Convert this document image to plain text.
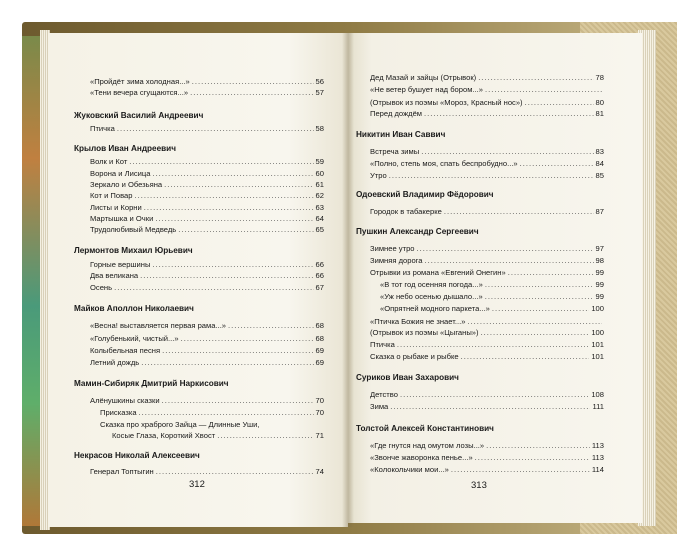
«Пройдёт зима холодная...» .....	56
«Тени вечера сгущаются...» .....	57
Жуковский Василий Андреевич
Птичка .....	58
Крылов Иван Андреевич
Волк и Кот .....	59
Ворона и Лисица .....	60
Зеркало и Обезьяна .....	61
Кот и Повар .....	62
Листы и Корни .....	63
Мартышка и Очки .....	64
Трудолюбивый Медведь .....	65
Лермонтов Михаил Юрьевич
Горные вершины .....	66
Два великана .....	66
Осень .....	67
Майков Аполлон Николаевич
«Весна! выставляется первая рама...» .....	68
«Голубенький, чистый...» .....	68
Колыбельная песня .....	69
Летний дождь .....	69
Мамин-Сибиряк Дмитрий Наркисович
Алёнушкины сказки .....	70
Присказка .....	70
Сказка про храброго Зайца — Длинные Уши,
Косые Глаза, Короткий Хвост .....	71
Некрасов Николай Алексеевич
Генерал Топтыгин .....	74
312
Дед Мазай и зайцы (Отрывок) .....	78
«Не ветер бушует над бором...»
.....
(Отрывок из поэмы «Мороз, Красный нос») .....	80
Перед дождём .....	81
Никитин Иван Саввич
Встреча зимы .....	83
«Полно, степь моя, спать беспробудно...» .....	84
Утро .....	85
Одоевский Владимир Фёдорович
Городок в табакерке .....	87
Пушкин Александр Сергеевич
Зимнее утро .....	97
Зимняя дорога .....	98
Отрывки из романа «Евгений Онегин» .....	99
«В тот год осенняя погода...» .....	99
«Уж небо осенью дышало...» .....	99
«Опрятней модного паркета...» .....	100
«Птичка Божия не знает...»
.....
(Отрывок из поэмы «Цыганы») .....	100
Птичка .....	101
Сказка о рыбаке и рыбке .....	101
Суриков Иван Захарович
Детство .....	108
Зима .....	111
Толстой Алексей Константинович
«Где гнутся над омутом лозы...» .....	113
«Звонче жаворонка пенье...» .....	113
«Колокольчики мои...» .....	114
313
